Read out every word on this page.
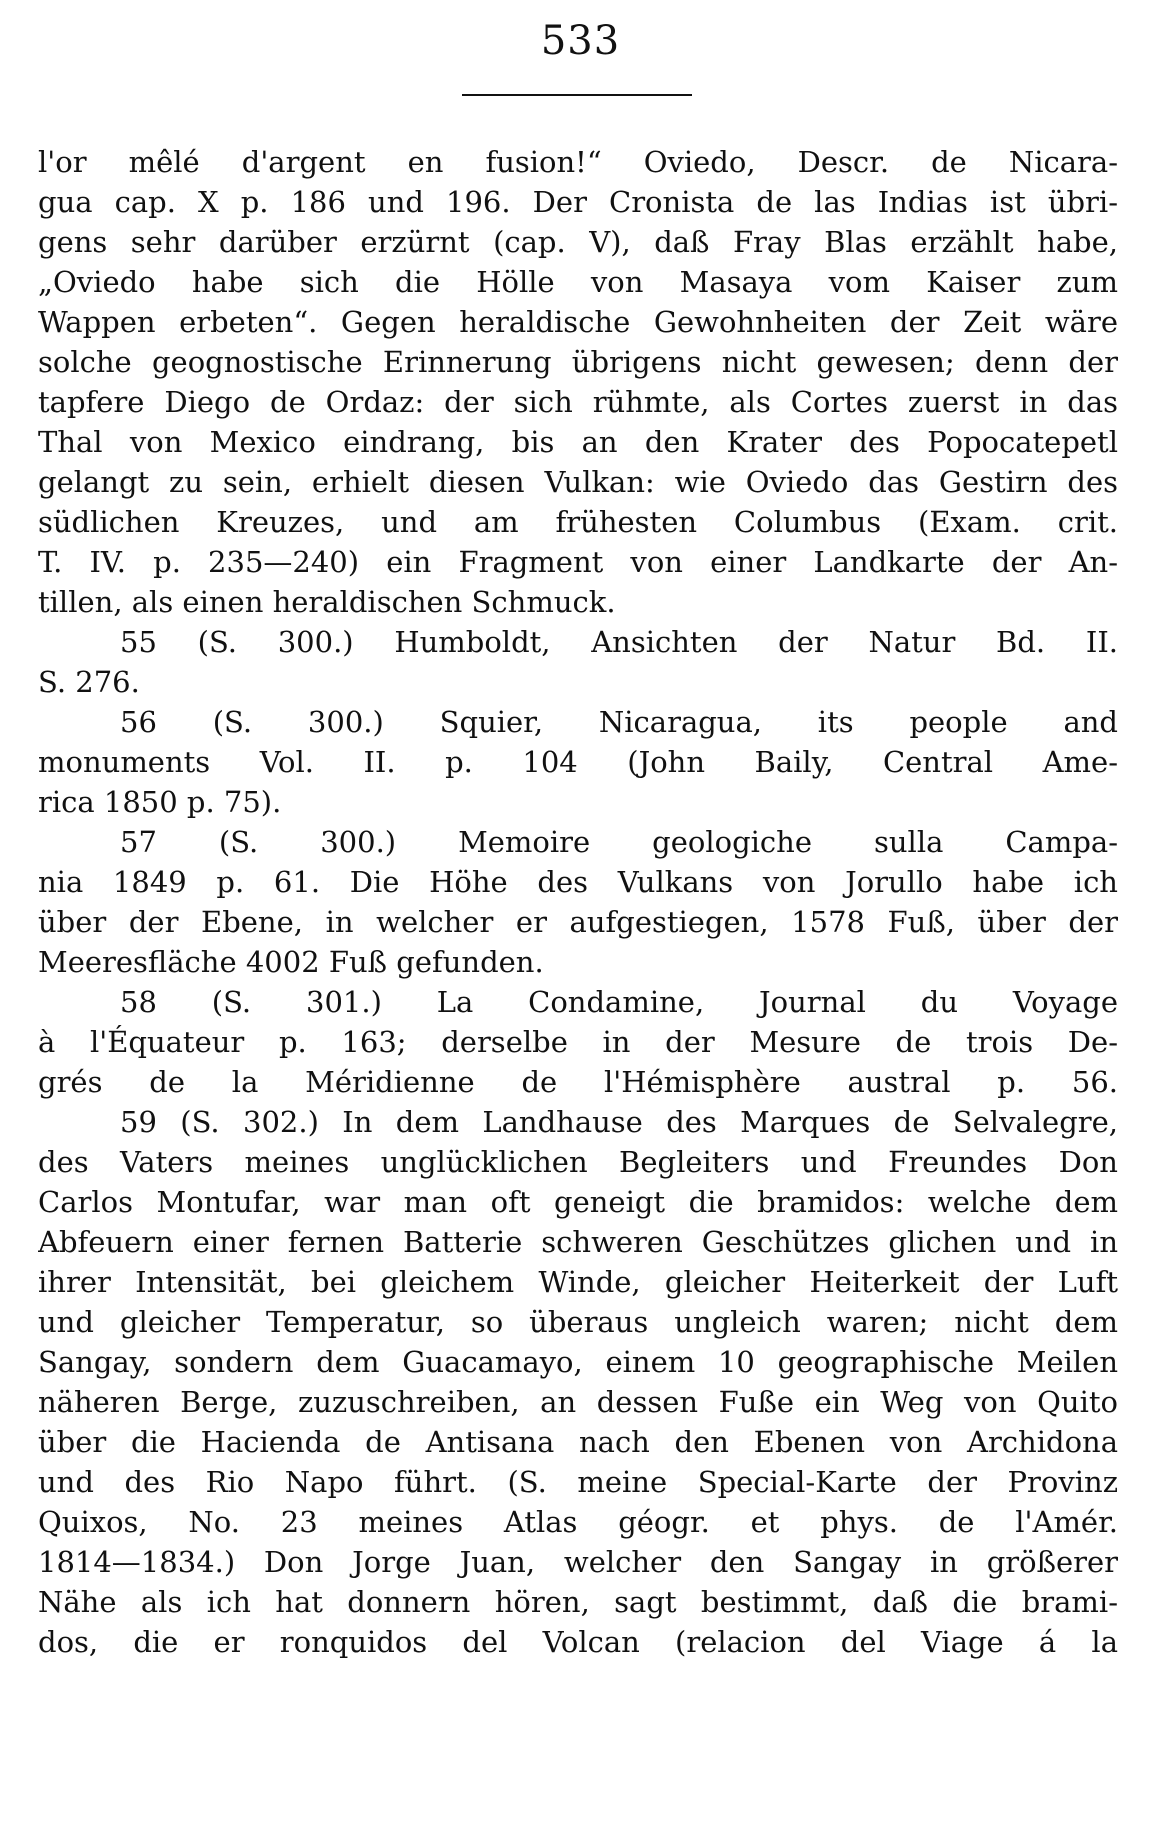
533
l'or mêlé d'argent en fusion!“ Oviedo, Descr. de Nicara-
gua cap. X p. 186 und 196. Der Cronista de las Indias ist übri-
gens sehr darüber erzürnt (cap. V), daß Fray Blas erzählt habe,
„Oviedo habe sich die Hölle von Masaya vom Kaiser zum
Wappen erbeten“. Gegen heraldische Gewohnheiten der Zeit wäre
solche geognostische Erinnerung übrigens nicht gewesen; denn der
tapfere Diego de Ordaz: der sich rühmte, als Cortes zuerst in das
Thal von Mexico eindrang, bis an den Krater des Popocatepetl
gelangt zu sein, erhielt diesen Vulkan: wie Oviedo das Gestirn des
südlichen Kreuzes, und am frühesten Columbus (Exam. crit.
T. IV. p. 235—240) ein Fragment von einer Landkarte der An-
tillen, als einen heraldischen Schmuck.
55 (S. 300.) Humboldt, Ansichten der Natur Bd. II.
S. 276.
56 (S. 300.) Squier, Nicaragua, its people and
monuments Vol. II. p. 104 (John Baily, Central Ame-
rica 1850 p. 75).
57 (S. 300.) Memoire geologiche sulla Campa-
nia 1849 p. 61. Die Höhe des Vulkans von Jorullo habe ich
über der Ebene, in welcher er aufgestiegen, 1578 Fuß, über der
Meeresfläche 4002 Fuß gefunden.
58 (S. 301.) La Condamine, Journal du Voyage
à l'Équateur p. 163; derselbe in der Mesure de trois De-
grés de la Méridienne de l'Hémisphère austral p. 56.
59 (S. 302.) In dem Landhause des Marques de Selvalegre,
des Vaters meines unglücklichen Begleiters und Freundes Don
Carlos Montufar, war man oft geneigt die bramidos: welche dem
Abfeuern einer fernen Batterie schweren Geschützes glichen und in
ihrer Intensität, bei gleichem Winde, gleicher Heiterkeit der Luft
und gleicher Temperatur, so überaus ungleich waren; nicht dem
Sangay, sondern dem Guacamayo, einem 10 geographische Meilen
näheren Berge, zuzuschreiben, an dessen Fuße ein Weg von Quito
über die Hacienda de Antisana nach den Ebenen von Archidona
und des Rio Napo führt. (S. meine Special-Karte der Provinz
Quixos, No. 23 meines Atlas géogr. et phys. de l'Amér.
1814—1834.) Don Jorge Juan, welcher den Sangay in größerer
Nähe als ich hat donnern hören, sagt bestimmt, daß die brami-
dos, die er ronquidos del Volcan (relacion del Viage á la
